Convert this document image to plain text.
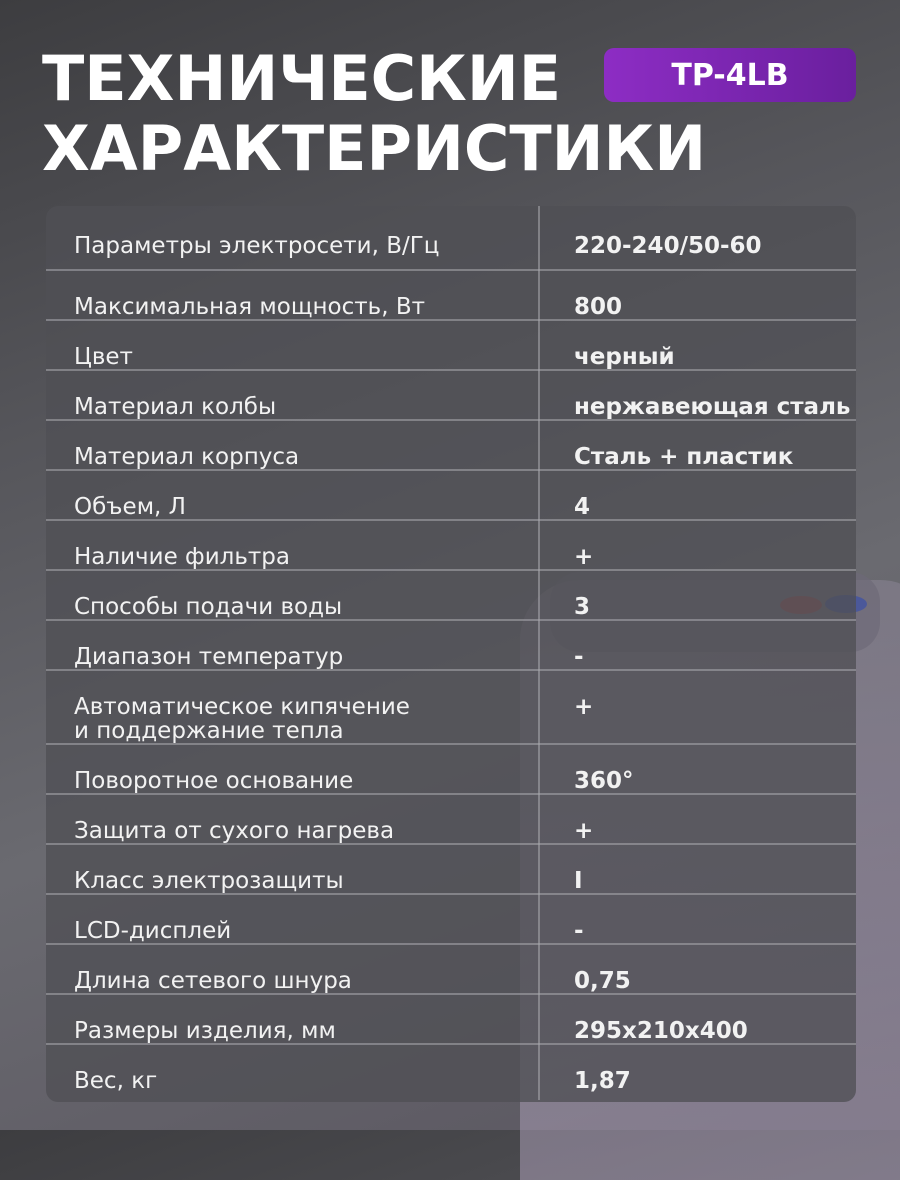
ТЕХНИЧЕСКИЕ
ХАРАКТЕРИСТИКИ
TP-4LB
Параметры электросети, В/Гц	220-240/50-60
Максимальная мощность, Вт	800
Цвет	черный
Материал колбы	нержавеющая сталь
Материал корпуса	Сталь + пластик
Объем, Л	4
Наличие фильтра	+
Способы подачи воды	3
Диапазон температур	-
Автоматическое кипячение
и поддержание тепла	+
Поворотное основание	360°
Защита от сухого нагрева	+
Класс электрозащиты	I
LCD-дисплей	-
Длина сетевого шнура	0,75
Размеры изделия, мм	295x210x400
Вес, кг	1,87
